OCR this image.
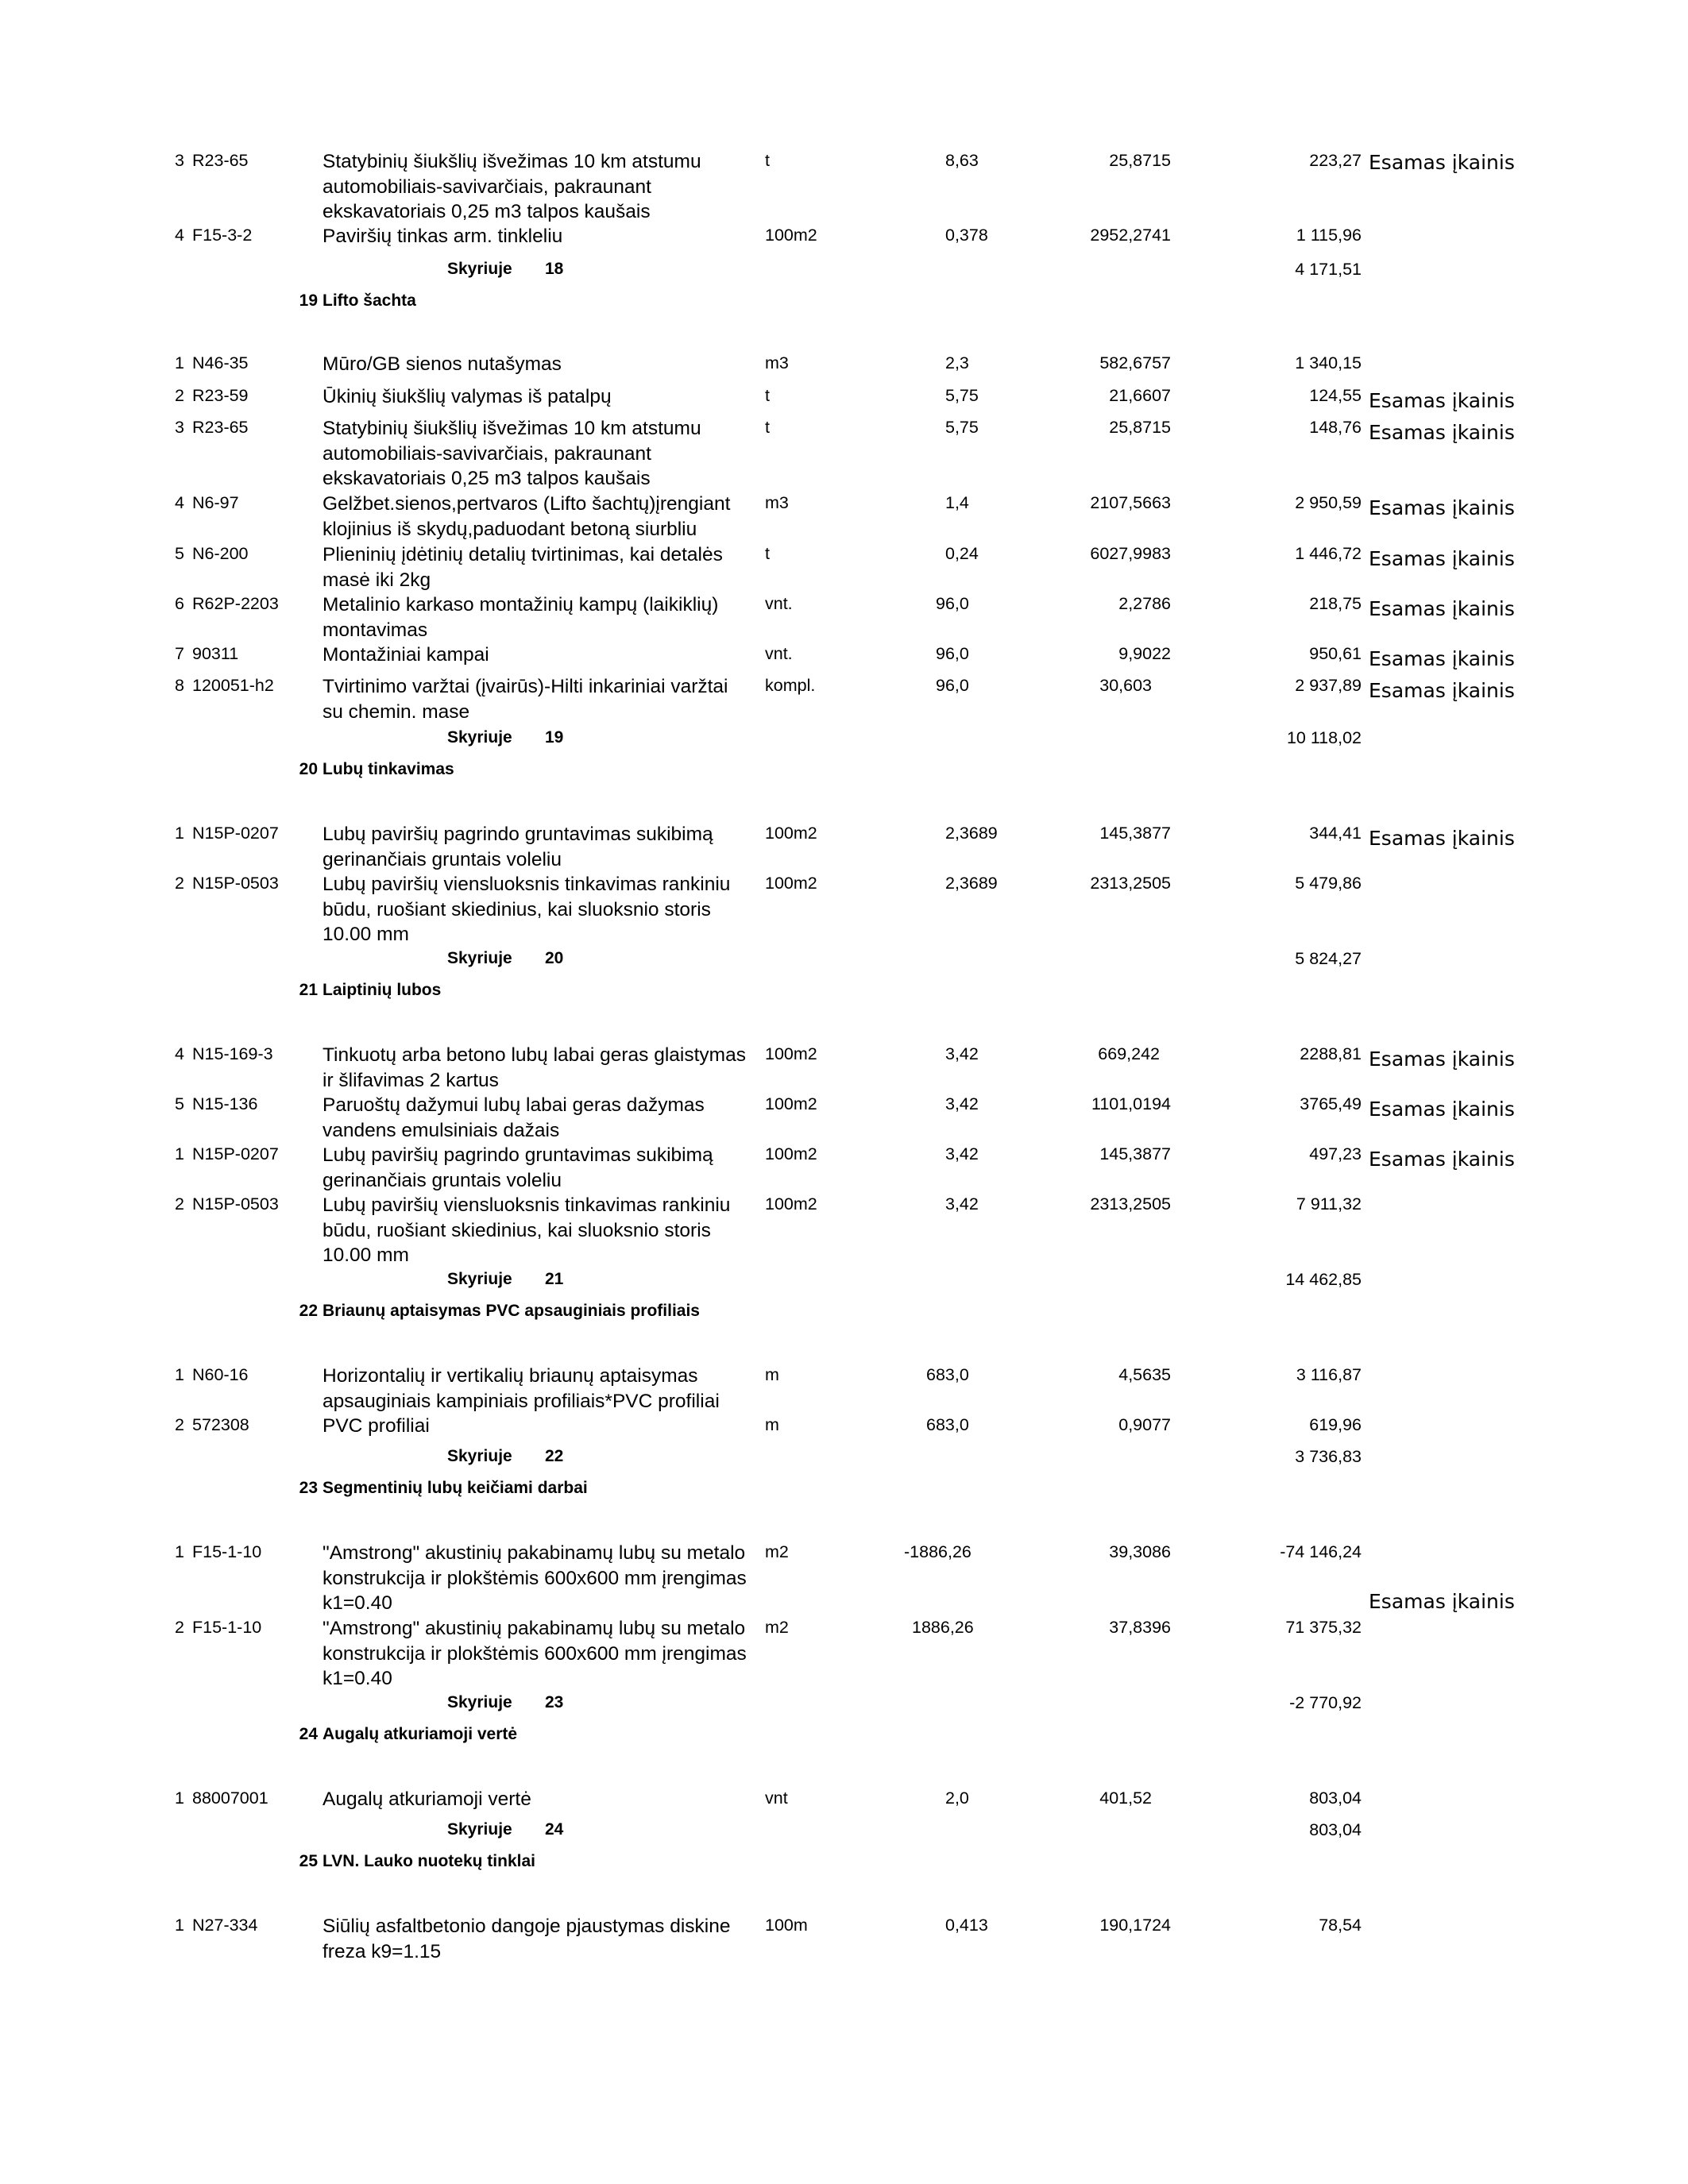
3 R23-65	Statybinių šiukšlių išvežimas 10 km atstumu
automobiliais-savivarčiais, pakraunant
ekskavatoriais 0,25 m3 talpos kaušais
t	8,63	25,8715	223,27 Esamas įkainis
4 F15-3-2	Paviršių tinkas arm. tinkleliu	100m2	0,378	2952,2741	1 115,96
Skyriuje 18	4 171,51
19 Lifto šachta
1 N46-35	Mūro/GB sienos nutašymas	m3	2,3	582,6757	1 340,15
2 R23-59	Ūkinių šiukšlių valymas iš patalpų	t	5,75	21,6607	124,55 Esamas įkainis
3 R23-65	Statybinių šiukšlių išvežimas 10 km atstumu
automobiliais-savivarčiais, pakraunant
ekskavatoriais 0,25 m3 talpos kaušais
t	5,75	25,8715	148,76 Esamas įkainis
4 N6-97	Gelžbet.sienos,pertvaros (Lifto šachtų)įrengiant
klojinius iš skydų,paduodant betoną siurbliu
m3	1,4	2107,5663	2 950,59 Esamas įkainis
5 N6-200	Plieninių įdėtinių detalių tvirtinimas, kai detalės
masė iki 2kg
t	0,24	6027,9983	1 446,72 Esamas įkainis
6 R62P-2203 Metalinio karkaso montažinių kampų (laikiklių)
montavimas
vnt.	96,0	2,2786	218,75 Esamas įkainis
7 90311	Montažiniai kampai	vnt.	96,0	9,9022	950,61 Esamas įkainis
8 120051-h2 Tvirtinimo varžtai (įvairūs)-Hilti inkariniai varžtai
su chemin. mase
kompl.	96,0	30,603	2 937,89 Esamas įkainis
Skyriuje 19	10 118,02
20 Lubų tinkavimas
1 N15P-0207 Lubų paviršių pagrindo gruntavimas sukibimą
gerinančiais gruntais voleliu
100m2	2,3689	145,3877	344,41 Esamas įkainis
2 N15P-0503 Lubų paviršių viensluoksnis tinkavimas rankiniu
būdu, ruošiant skiedinius, kai sluoksnio storis
10.00 mm
100m2	2,3689	2313,2505	5 479,86
Skyriuje 20	5 824,27
21 Laiptinių lubos
4 N15-169-3	Tinkuotų arba betono lubų labai geras glaistymas
ir šlifavimas 2 kartus
100m2	3,42	669,242	2288,81 Esamas įkainis
5 N15-136	Paruoštų dažymui lubų labai geras dažymas
vandens emulsiniais dažais
100m2	3,42	1101,0194	3765,49 Esamas įkainis
1 N15P-0207 Lubų paviršių pagrindo gruntavimas sukibimą
gerinančiais gruntais voleliu
100m2	3,42	145,3877	497,23 Esamas įkainis
2 N15P-0503 Lubų paviršių viensluoksnis tinkavimas rankiniu
būdu, ruošiant skiedinius, kai sluoksnio storis
10.00 mm
100m2	3,42	2313,2505	7 911,32
Skyriuje 21	14 462,85
22 Briaunų aptaisymas PVC apsauginiais profiliais
1 N60-16	Horizontalių ir vertikalių briaunų aptaisymas
apsauginiais kampiniais profiliais*PVC profiliai
m	683,0	4,5635	3 116,87
2 572308	PVC profiliai	m	683,0	0,9077	619,96
Skyriuje 22	3 736,83
23 Segmentinių lubų keičiami darbai
1 F15-1-10	"Amstrong" akustinių pakabinamų lubų su metalo
konstrukcija ir plokštėmis 600x600 mm įrengimas
k1=0.40
m2	-1886,26	39,3086	-74 146,24
Esamas įkainis
2 F15-1-10	"Amstrong" akustinių pakabinamų lubų su metalo
konstrukcija ir plokštėmis 600x600 mm įrengimas
k1=0.40
m2	1886,26	37,8396	71 375,32
Skyriuje 23	-2 770,92
24 Augalų atkuriamoji vertė
1 88007001	Augalų atkuriamoji vertė	vnt	2,0	401,52	803,04
Skyriuje 24	803,04
25 LVN. Lauko nuotekų tinklai
1 N27-334	Siūlių asfaltbetonio dangoje pjaustymas diskine
freza k9=1.15
100m	0,413	190,1724	78,54
